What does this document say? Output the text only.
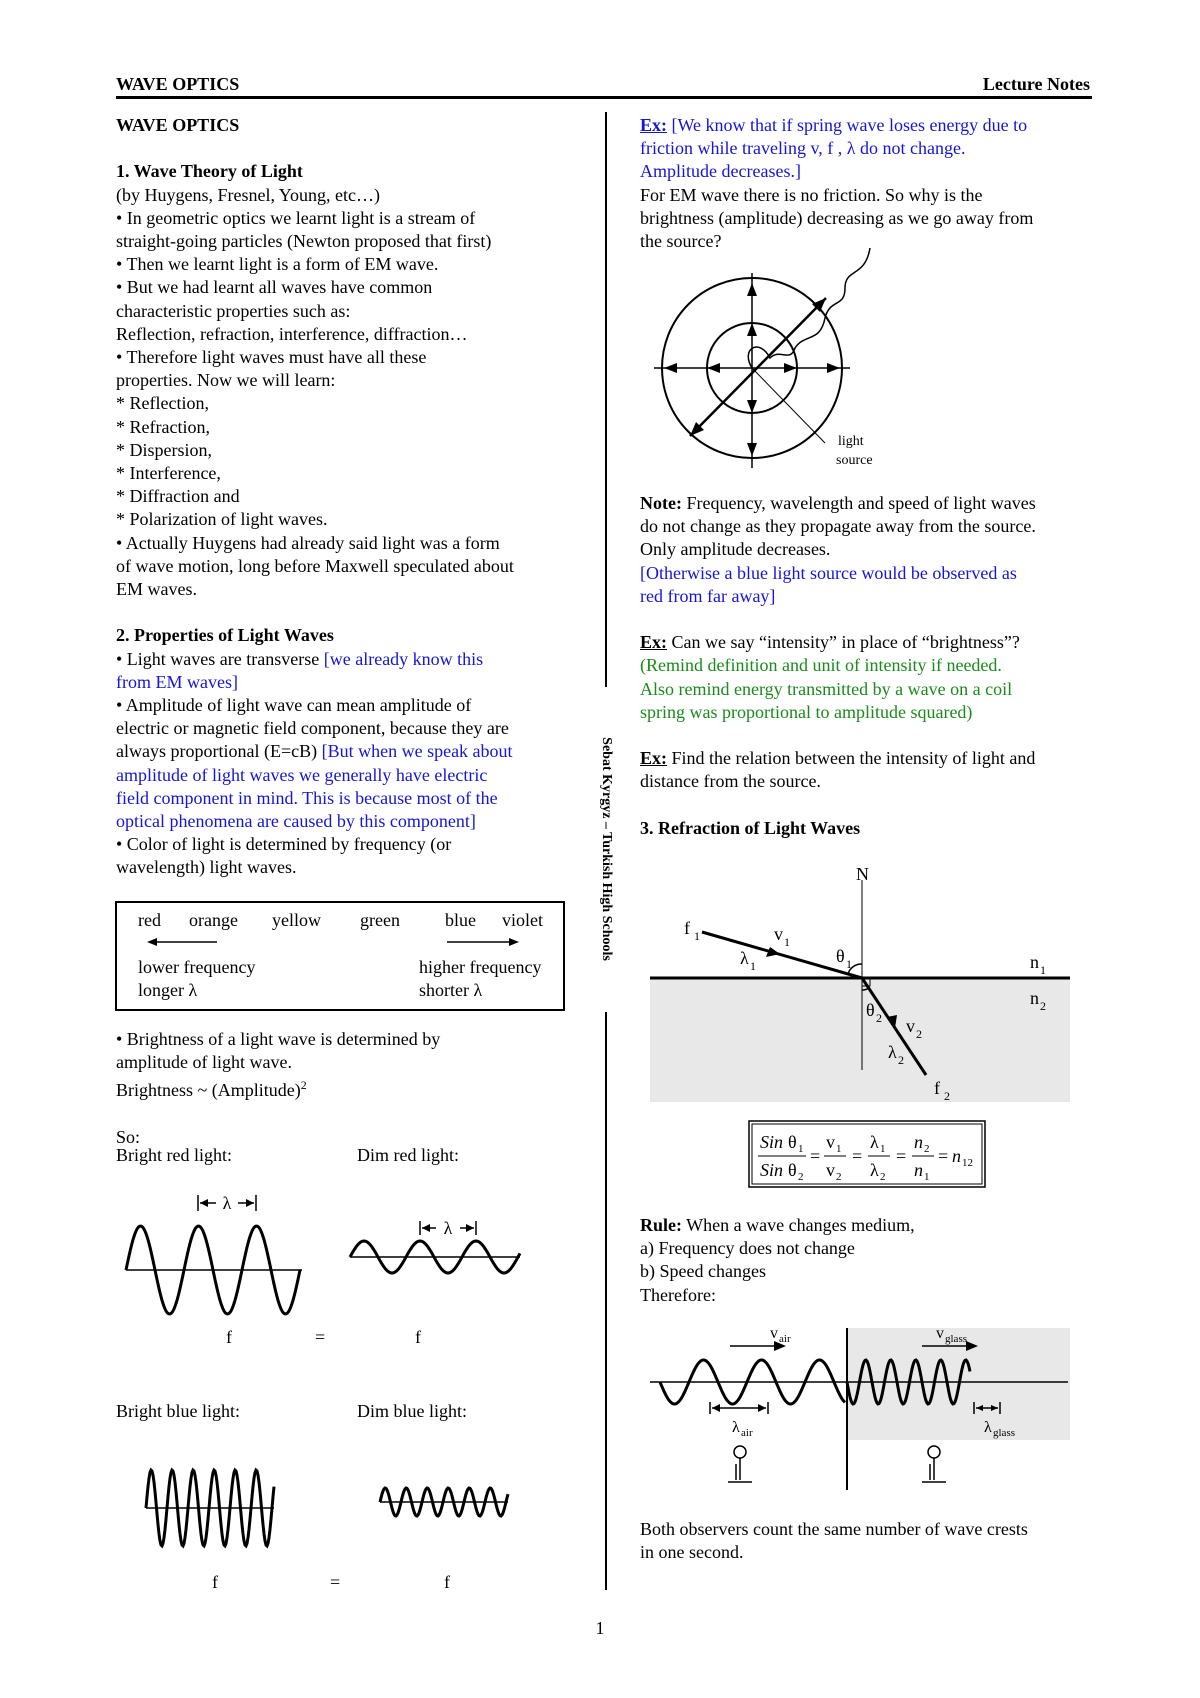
WAVE OPTICS	Lecture Notes
Sebat Kyrgyz – Turkish High Schools
WAVE OPTICS
1. Wave Theory of Light
(by Huygens, Fresnel, Young, etc…)
• In geometric optics we learnt light is a stream of
straight-going particles (Newton proposed that first)
• Then we learnt light is a form of EM wave.
• But we had learnt all waves have common
characteristic properties such as:
Reflection, refraction, interference, diffraction…
• Therefore light waves must have all these
properties. Now we will learn:
* Reflection,
* Refraction,
* Dispersion,
* Interference,
* Diffraction and
* Polarization of light waves.
• Actually Huygens had already said light was a form
of wave motion, long before Maxwell speculated about
EM waves.
2. Properties of Light Waves
• Light waves are transverse [we already know this
from EM waves]
• Amplitude of light wave can mean amplitude of
electric or magnetic field component, because they are
always proportional (E=cB) [But when we speak about
amplitude of light waves we generally have electric
field component in mind. This is because most of the
optical phenomena are caused by this component]
• Color of light is determined by frequency (or
wavelength) light waves.
red orange yellow green	blue violet
lower frequency
longer λ
higher frequency
shorter λ
• Brightness of a light wave is determined by
amplitude of light wave.
Brightness ~ (Amplitude)$^2$
So:
Bright red light:	Dim red light:
Bright blue light:	Dim blue light:
λ
λ
f	=	f
f	=	f
Ex: [We know that if spring wave loses energy due to
friction while traveling v, f , λ do not change.
Amplitude decreases.]
For EM wave there is no friction. So why is the
brightness (amplitude) decreasing as we go away from
the source?
light
source
Note: Frequency, wavelength and speed of light waves
do not change as they propagate away from the source.
Only amplitude decreases.
[Otherwise a blue light source would be observed as
red from far away]
Ex: Can we say “intensity” in place of “brightness”?
(Remind definition and unit of intensity if needed.
Also remind energy transmitted by a wave on a coil
spring was proportional to amplitude squared)
Ex: Find the relation between the intensity of light and
distance from the source.
3. Refraction of Light Waves
N
f 1	v 1
λ 1	θ 1	n 1
n 2
θ 2 v 2
λ 2
f 2
Sin θ 1
Sin θ 2
=
v 1
v 2
=
λ 1
λ 2
=
n 2
n 1
= n 12
Rule: When a wave changes medium,
a) Frequency does not change
b) Speed changes
Therefore:
v air	v glass
λ air	λ glass
Both observers count the same number of wave crests
in one second.
1
